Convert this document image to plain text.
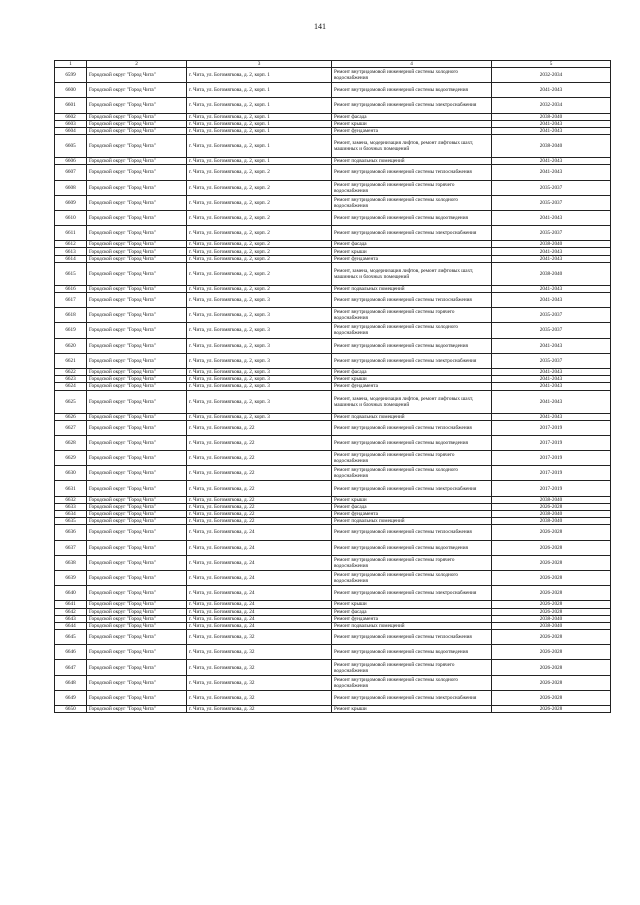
141
1	2	3	4	5
6599	Городской округ "Город Чита"	г. Чита, ул. Богомягкова, д. 2, корп. 1	Ремонт внутридомовой инженерной системы холодного водоснабжения	2032-2034
6600	Городской округ "Город Чита"	г. Чита, ул. Богомягкова, д. 2, корп. 1	Ремонт внутридомовой инженерной системы водоотведения	2041-2043
6601	Городской округ "Город Чита"	г. Чита, ул. Богомягкова, д. 2, корп. 1	Ремонт внутридомовой инженерной системы электроснабжения	2032-2034
6602	Городской округ "Город Чита"	г. Чита, ул. Богомягкова, д. 2, корп. 1	Ремонт фасада	2038-2040
6603	Городской округ "Город Чита"	г. Чита, ул. Богомягкова, д. 2, корп. 1	Ремонт крыши	2041-2043
6604	Городской округ "Город Чита"	г. Чита, ул. Богомягкова, д. 2, корп. 1	Ремонт фундамента	2041-2043
6605	Городской округ "Город Чита"	г. Чита, ул. Богомягкова, д. 2, корп. 1	Ремонт, замена, модернизация лифтов, ремонт лифтовых шахт, машинных и блочных помещений	2038-2040
6606	Городской округ "Город Чита"	г. Чита, ул. Богомягкова, д. 2, корп. 1	Ремонт подвальных помещений	2041-2043
6607	Городской округ "Город Чита"	г. Чита, ул. Богомягкова, д. 2, корп. 2	Ремонт внутридомовой инженерной системы теплоснабжения	2041-2043
6608	Городской округ "Город Чита"	г. Чита, ул. Богомягкова, д. 2, корп. 2	Ремонт внутридомовой инженерной системы горячего водоснабжения	2035-2037
6609	Городской округ "Город Чита"	г. Чита, ул. Богомягкова, д. 2, корп. 2	Ремонт внутридомовой инженерной системы холодного водоснабжения	2035-2037
6610	Городской округ "Город Чита"	г. Чита, ул. Богомягкова, д. 2, корп. 2	Ремонт внутридомовой инженерной системы водоотведения	2041-2043
6611	Городской округ "Город Чита"	г. Чита, ул. Богомягкова, д. 2, корп. 2	Ремонт внутридомовой инженерной системы электроснабжения	2035-2037
6612	Городской округ "Город Чита"	г. Чита, ул. Богомягкова, д. 2, корп. 2	Ремонт фасада	2038-2040
6613	Городской округ "Город Чита"	г. Чита, ул. Богомягкова, д. 2, корп. 2	Ремонт крыши	2041-2043
6614	Городской округ "Город Чита"	г. Чита, ул. Богомягкова, д. 2, корп. 2	Ремонт фундамента	2041-2043
6615	Городской округ "Город Чита"	г. Чита, ул. Богомягкова, д. 2, корп. 2	Ремонт, замена, модернизация лифтов, ремонт лифтовых шахт, машинных и блочных помещений	2038-2040
6616	Городской округ "Город Чита"	г. Чита, ул. Богомягкова, д. 2, корп. 2	Ремонт подвальных помещений	2041-2043
6617	Городской округ "Город Чита"	г. Чита, ул. Богомягкова, д. 2, корп. 3	Ремонт внутридомовой инженерной системы теплоснабжения	2041-2043
6618	Городской округ "Город Чита"	г. Чита, ул. Богомягкова, д. 2, корп. 3	Ремонт внутридомовой инженерной системы горячего водоснабжения	2035-2037
6619	Городской округ "Город Чита"	г. Чита, ул. Богомягкова, д. 2, корп. 3	Ремонт внутридомовой инженерной системы холодного водоснабжения	2035-2037
6620	Городской округ "Город Чита"	г. Чита, ул. Богомягкова, д. 2, корп. 3	Ремонт внутридомовой инженерной системы водоотведения	2041-2043
6621	Городской округ "Город Чита"	г. Чита, ул. Богомягкова, д. 2, корп. 3	Ремонт внутридомовой инженерной системы электроснабжения	2035-2037
6622	Городской округ "Город Чита"	г. Чита, ул. Богомягкова, д. 2, корп. 3	Ремонт фасада	2041-2043
6623	Городской округ "Город Чита"	г. Чита, ул. Богомягкова, д. 2, корп. 3	Ремонт крыши	2041-2043
6624	Городской округ "Город Чита"	г. Чита, ул. Богомягкова, д. 2, корп. 3	Ремонт фундамента	2041-2043
6625	Городской округ "Город Чита"	г. Чита, ул. Богомягкова, д. 2, корп. 3	Ремонт, замена, модернизация лифтов, ремонт лифтовых шахт, машинных и блочных помещений	2041-2043
6626	Городской округ "Город Чита"	г. Чита, ул. Богомягкова, д. 2, корп. 3	Ремонт подвальных помещений	2041-2043
6627	Городской округ "Город Чита"	г. Чита, ул. Богомягкова, д. 22	Ремонт внутридомовой инженерной системы теплоснабжения	2017-2019
6628	Городской округ "Город Чита"	г. Чита, ул. Богомягкова, д. 22	Ремонт внутридомовой инженерной системы водоотведения	2017-2019
6629	Городской округ "Город Чита"	г. Чита, ул. Богомягкова, д. 22	Ремонт внутридомовой инженерной системы горячего водоснабжения	2017-2019
6630	Городской округ "Город Чита"	г. Чита, ул. Богомягкова, д. 22	Ремонт внутридомовой инженерной системы холодного водоснабжения	2017-2019
6631	Городской округ "Город Чита"	г. Чита, ул. Богомягкова, д. 22	Ремонт внутридомовой инженерной системы электроснабжения	2017-2019
6632	Городской округ "Город Чита"	г. Чита, ул. Богомягкова, д. 22	Ремонт крыши	2038-2040
6633	Городской округ "Город Чита"	г. Чита, ул. Богомягкова, д. 22	Ремонт фасада	2026-2028
6634	Городской округ "Город Чита"	г. Чита, ул. Богомягкова, д. 22	Ремонт фундамента	2038-2040
6635	Городской округ "Город Чита"	г. Чита, ул. Богомягкова, д. 22	Ремонт подвальных помещений	2038-2040
6636	Городской округ "Город Чита"	г. Чита, ул. Богомягкова, д. 24	Ремонт внутридомовой инженерной системы теплоснабжения	2026-2028
6637	Городской округ "Город Чита"	г. Чита, ул. Богомягкова, д. 24	Ремонт внутридомовой инженерной системы водоотведения	2026-2028
6638	Городской округ "Город Чита"	г. Чита, ул. Богомягкова, д. 24	Ремонт внутридомовой инженерной системы горячего водоснабжения	2026-2028
6639	Городской округ "Город Чита"	г. Чита, ул. Богомягкова, д. 24	Ремонт внутридомовой инженерной системы холодного водоснабжения	2026-2028
6640	Городской округ "Город Чита"	г. Чита, ул. Богомягкова, д. 24	Ремонт внутридомовой инженерной системы электроснабжения	2026-2028
6641	Городской округ "Город Чита"	г. Чита, ул. Богомягкова, д. 24	Ремонт крыши	2026-2028
6642	Городской округ "Город Чита"	г. Чита, ул. Богомягкова, д. 24	Ремонт фасада	2026-2028
6643	Городской округ "Город Чита"	г. Чита, ул. Богомягкова, д. 24	Ремонт фундамента	2038-2040
6644	Городской округ "Город Чита"	г. Чита, ул. Богомягкова, д. 24	Ремонт подвальных помещений	2038-2040
6645	Городской округ "Город Чита"	г. Чита, ул. Богомягкова, д. 32	Ремонт внутридомовой инженерной системы теплоснабжения	2026-2028
6646	Городской округ "Город Чита"	г. Чита, ул. Богомягкова, д. 32	Ремонт внутридомовой инженерной системы водоотведения	2026-2028
6647	Городской округ "Город Чита"	г. Чита, ул. Богомягкова, д. 32	Ремонт внутридомовой инженерной системы горячего водоснабжения	2026-2028
6648	Городской округ "Город Чита"	г. Чита, ул. Богомягкова, д. 32	Ремонт внутридомовой инженерной системы холодного водоснабжения	2026-2028
6649	Городской округ "Город Чита"	г. Чита, ул. Богомягкова, д. 32	Ремонт внутридомовой инженерной системы электроснабжения	2026-2028
6650	Городской округ "Город Чита"	г. Чита, ул. Богомягкова, д. 32	Ремонт крыши	2026-2028
